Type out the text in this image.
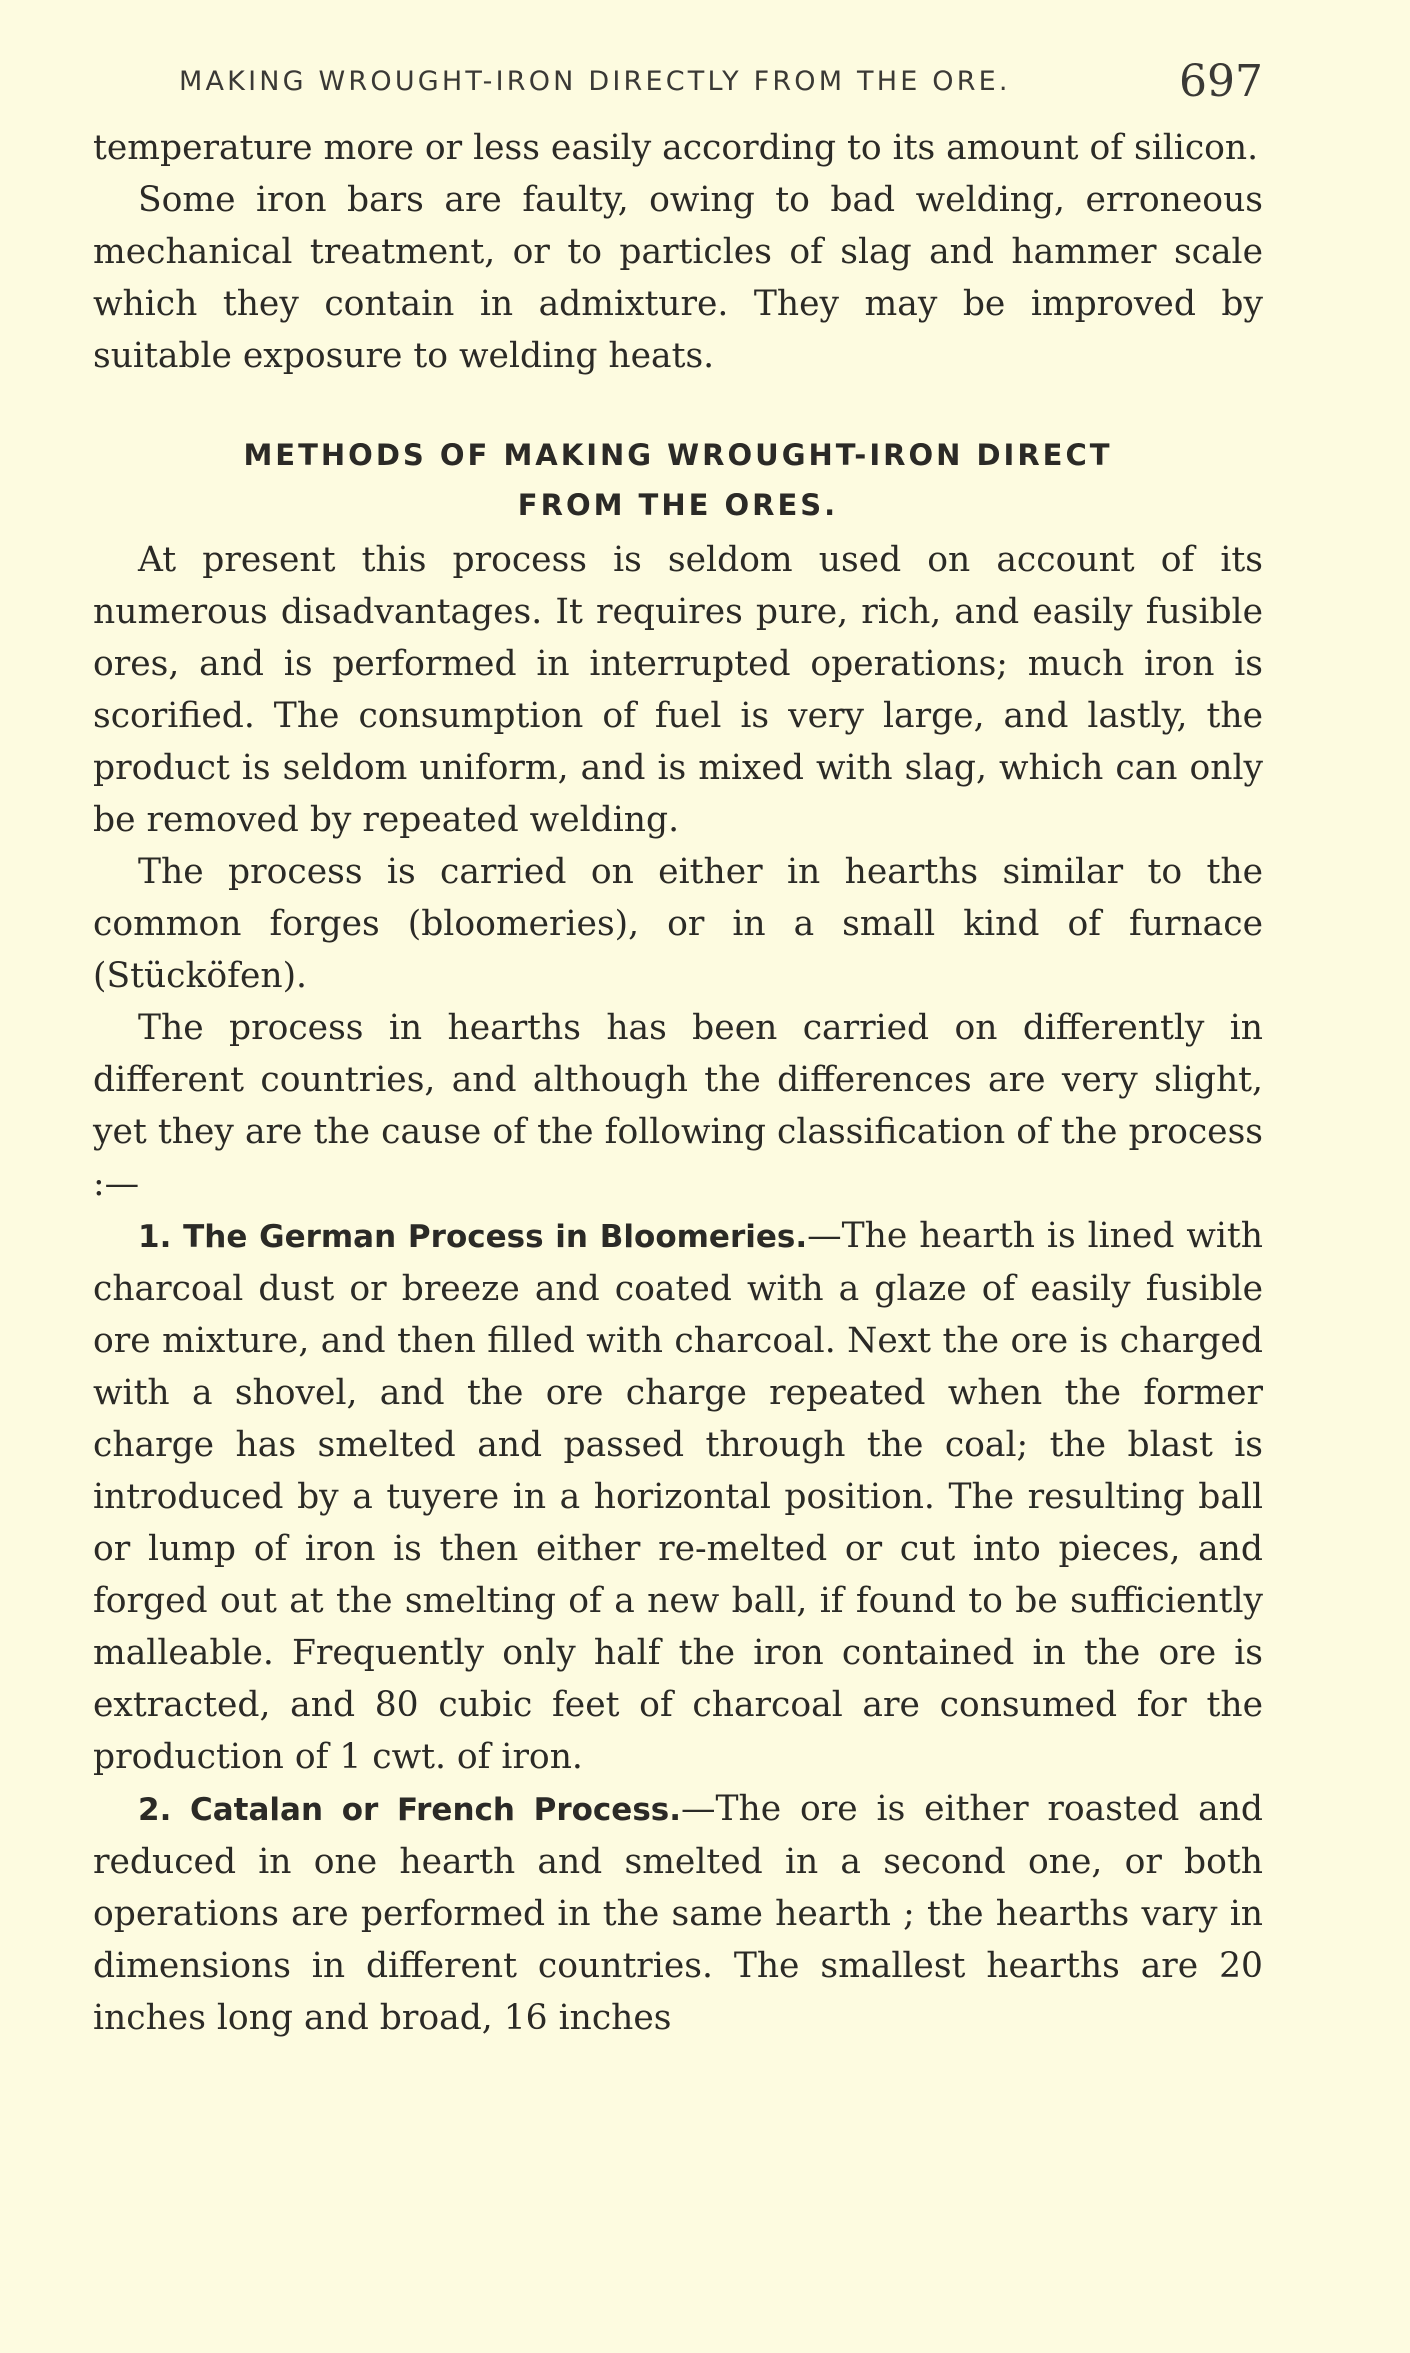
MAKING WROUGHT-IRON DIRECTLY FROM THE ORE.	697

temperature more or less easily according to its amount of silicon.

Some iron bars are faulty, owing to bad welding, erroneous mechanical treatment, or to particles of slag and hammer scale which they contain in admixture. They may be improved by suitable exposure to welding heats.

METHODS OF MAKING WROUGHT-IRON DIRECT

FROM THE ORES.

At present this process is seldom used on account of its numerous disadvantages. It requires pure, rich, and easily fusible ores, and is performed in interrupted operations; much iron is scorified. The consumption of fuel is very large, and lastly, the product is seldom uniform, and is mixed with slag, which can only be removed by repeated welding.

The process is carried on either in hearths similar to the common forges (bloomeries), or in a small kind of furnace (Stücköfen).

The process in hearths has been carried on differently in different countries, and although the differences are very slight, yet they are the cause of the following classification of the process :—

1. The German Process in Bloomeries.—The hearth is lined with charcoal dust or breeze and coated with a glaze of easily fusible ore mixture, and then filled with charcoal. Next the ore is charged with a shovel, and the ore charge repeated when the former charge has smelted and passed through the coal; the blast is introduced by a tuyere in a horizontal position. The resulting ball or lump of iron is then either re-melted or cut into pieces, and forged out at the smelting of a new ball, if found to be sufficiently malleable. Frequently only half the iron contained in the ore is extracted, and 80 cubic feet of charcoal are consumed for the production of 1 cwt. of iron.

2. Catalan or French Process.—The ore is either roasted and reduced in one hearth and smelted in a second one, or both operations are performed in the same hearth ; the hearths vary in dimensions in different countries. The smallest hearths are 20 inches long and broad, 16 inches
